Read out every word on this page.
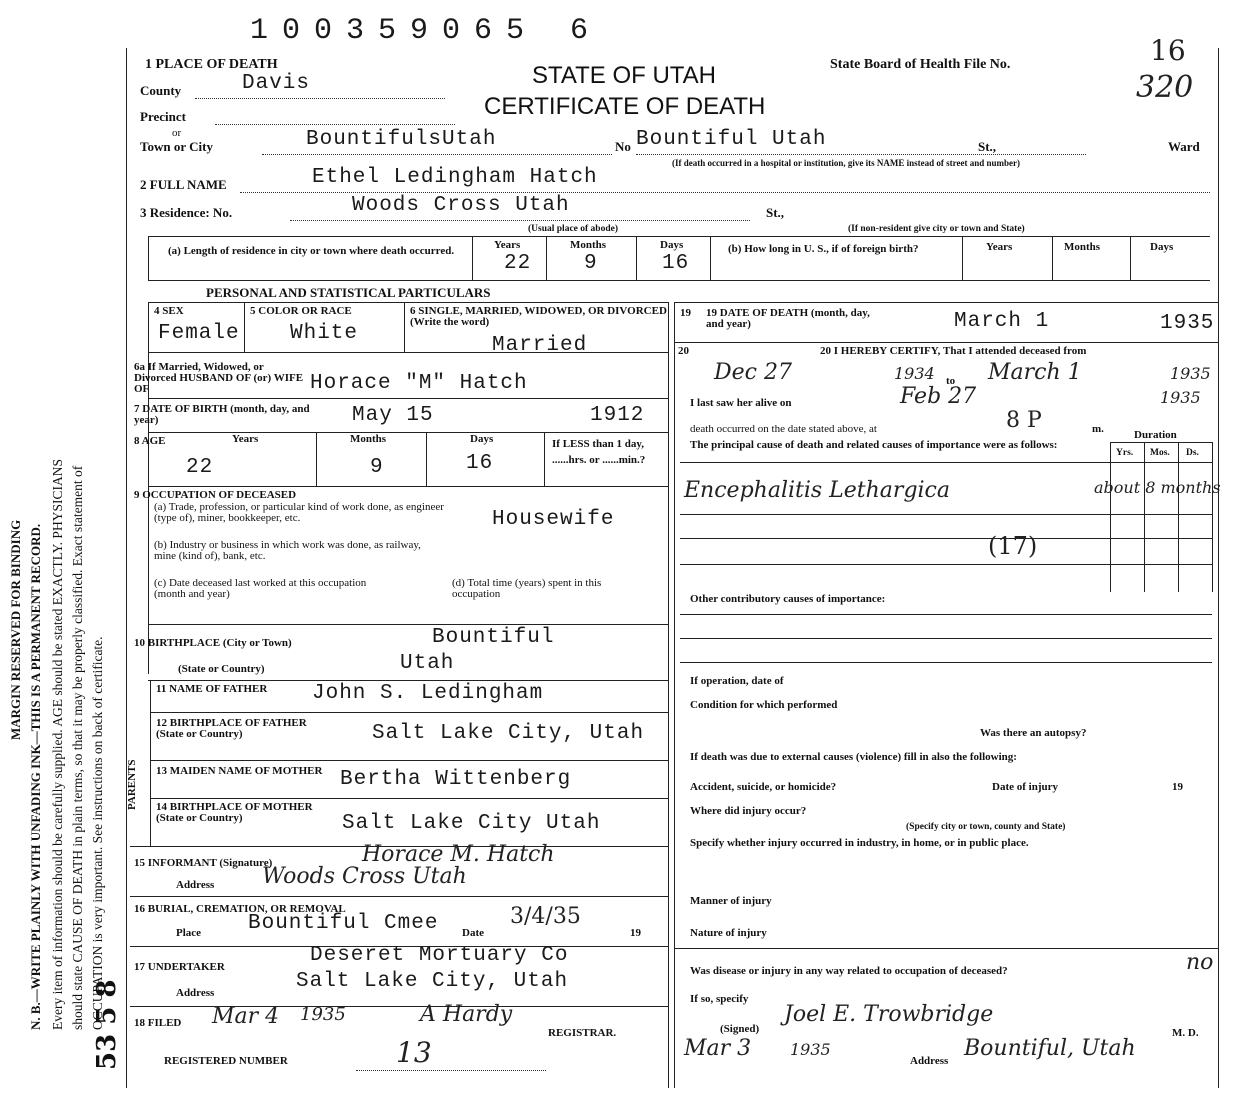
MARGIN RESERVED FOR BINDING N. B.—WRITE PLAINLY WITH UNFADING INK—THIS IS A PERMANENT RECORD. Every item of information should be carefully supplied. AGE should be stated EXACTLY. PHYSICIANS should state CAUSE OF DEATH in plain terms, so that it may be properly classified. Exact statement of OCCUPATION is very important. See instructions on back of certificate.
53 5 8
100359065 6
1 PLACE OF DEATH	STATE OF UTAH
CERTIFICATE OF DEATH
State Board of Health File No.	16
320
County	Davis
Precinct
or
Town or City	BountifulsUtah	No Bountiful Utah	St.,	Ward
(If death occurred in a hospital or institution, give its NAME instead of street and number)
2 FULL NAME	Ethel Ledingham Hatch
3 Residence: No.	Woods Cross Utah	St.,
(Usual place of abode)	(If non-resident give city or town and State)
(a) Length of residence in city or town where death occurred.	Years	Months	Days
22	9	16
(b) How long in U. S., if of foreign birth?	Years	Months	Days
PERSONAL AND STATISTICAL PARTICULARS
4 SEX
Female
5 COLOR OR RACE
White
6 SINGLE, MARRIED, WIDOWED, OR DIVORCED (Write the word)
Married
6a If Married, Widowed, or Divorced HUSBAND OF (or) WIFE OF	Horace "M" Hatch
7 DATE OF BIRTH (month, day, and year)	May 15	1912
8 AGE	Years	Months	Days
22	9	16
If LESS than 1 day, ......hrs. or ......min.?
9 OCCUPATION OF DECEASED
(a) Trade, profession, or particular kind of work done, as engineer (type of), miner, bookkeeper, etc.	Housewife
(b) Industry or business in which work was done, as railway, mine (kind of), bank, etc.
(c) Date deceased last worked at this occupation (month and year)
(d) Total time (years) spent in this occupation
10 BIRTHPLACE (City or Town)	Bountiful
(State or Country)	Utah
PARENTS
11 NAME OF FATHER	John S. Ledingham
12 BIRTHPLACE OF FATHER (State or Country)	Salt Lake City, Utah
13 MAIDEN NAME OF MOTHER Bertha Wittenberg
14 BIRTHPLACE OF MOTHER (State or Country)	Salt Lake City Utah
15 INFORMANT (Signature)	Horace M. Hatch
Address Woods Cross Utah
16 BURIAL, CREMATION, OR REMOVAL
Place Bountiful Cmee Date
3/4/35
19
17 UNDERTAKER	Deseret Mortuary Co
Address	Salt Lake City, Utah
18 FILED Mar 4 1935	A Hardy
REGISTRAR.
REGISTERED NUMBER	13
19 19 DATE OF DEATH (month, day, and year)	March 1	1935
20	20 I HEREBY CERTIFY, That I attended deceased from
Dec 27	1934 to March 1	1935
I last saw her alive on	Feb 27	1935
death occurred on the date stated above, at	8 P	m.
The principal cause of death and related causes of importance were as follows:
Duration
Yrs. Mos. Ds.
Encephalitis Lethargica	about 8 months
(17)
Other contributory causes of importance:
If operation, date of
Condition for which performed
Was there an autopsy?
If death was due to external causes (violence) fill in also the following:
Accident, suicide, or homicide?	Date of injury	19
Where did injury occur?
(Specify city or town, county and State)
Specify whether injury occurred in industry, in home, or in public place.
Manner of injury
Nature of injury
Was disease or injury in any way related to occupation of deceased?	no
If so, specify
(Signed)
Joel E. Trowbridge
M. D.
Mar 3 1935
Address Bountiful, Utah
